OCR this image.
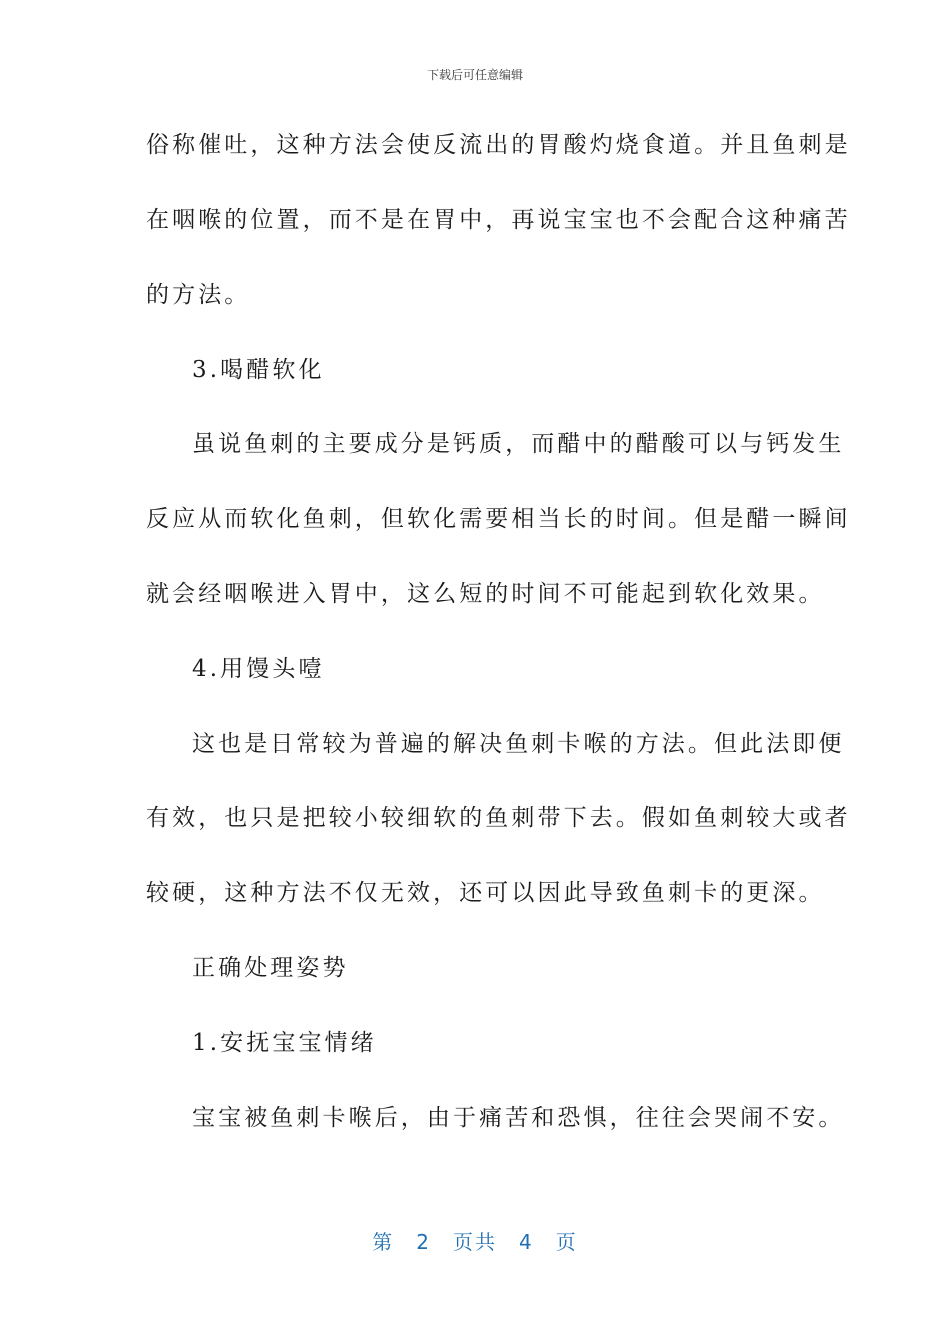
下载后可任意编辑
俗称催吐，这种方法会使反流出的胃酸灼烧食道。并且鱼刺是
在咽喉的位置，而不是在胃中，再说宝宝也不会配合这种痛苦
的方法。
3.喝醋软化
虽说鱼刺的主要成分是钙质，而醋中的醋酸可以与钙发生
反应从而软化鱼刺，但软化需要相当长的时间。但是醋一瞬间
就会经咽喉进入胃中，这么短的时间不可能起到软化效果。
4.用馒头噎
这也是日常较为普遍的解决鱼刺卡喉的方法。但此法即便
有效，也只是把较小较细软的鱼刺带下去。假如鱼刺较大或者
较硬，这种方法不仅无效，还可以因此导致鱼刺卡的更深。
正确处理姿势
1.安抚宝宝情绪
宝宝被鱼刺卡喉后，由于痛苦和恐惧，往往会哭闹不安。
第 2 页共 4 页
